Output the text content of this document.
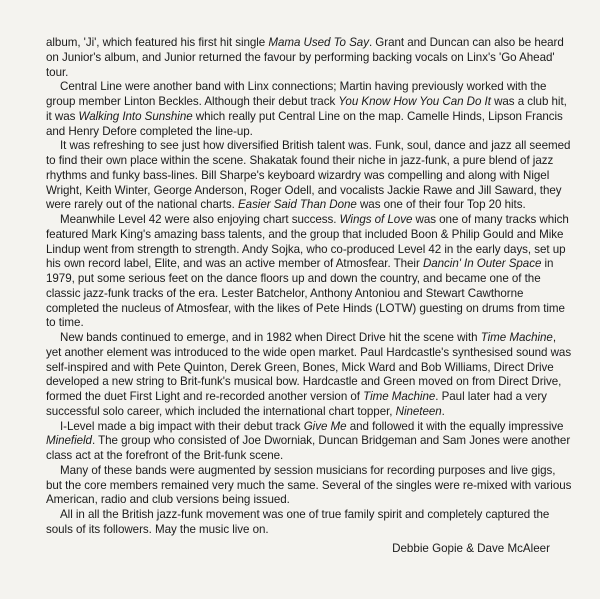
album, 'Ji', which featured his first hit single Mama Used To Say. Grant and Duncan can also be heard on Junior's album, and Junior returned the favour by performing backing vocals on Linx's 'Go Ahead' tour.

Central Line were another band with Linx connections; Martin having previously worked with the group member Linton Beckles. Although their debut track You Know How You Can Do It was a club hit, it was Walking Into Sunshine which really put Central Line on the map. Camelle Hinds, Lipson Francis and Henry Defore completed the line-up.

It was refreshing to see just how diversified British talent was. Funk, soul, dance and jazz all seemed to find their own place within the scene. Shakatak found their niche in jazz-funk, a pure blend of jazz rhythms and funky bass-lines. Bill Sharpe's keyboard wizardry was compelling and along with Nigel Wright, Keith Winter, George Anderson, Roger Odell, and vocalists Jackie Rawe and Jill Saward, they were rarely out of the national charts. Easier Said Than Done was one of their four Top 20 hits.

Meanwhile Level 42 were also enjoying chart success. Wings of Love was one of many tracks which featured Mark King's amazing bass talents, and the group that included Boon & Philip Gould and Mike Lindup went from strength to strength. Andy Sojka, who co-produced Level 42 in the early days, set up his own record label, Elite, and was an active member of Atmosfear. Their Dancin' In Outer Space in 1979, put some serious feet on the dance floors up and down the country, and became one of the classic jazz-funk tracks of the era. Lester Batchelor, Anthony Antoniou and Stewart Cawthorne completed the nucleus of Atmosfear, with the likes of Pete Hinds (LOTW) guesting on drums from time to time.

New bands continued to emerge, and in 1982 when Direct Drive hit the scene with Time Machine, yet another element was introduced to the wide open market. Paul Hardcastle's synthesised sound was self-inspired and with Pete Quinton, Derek Green, Bones, Mick Ward and Bob Williams, Direct Drive developed a new string to Brit-funk's musical bow. Hardcastle and Green moved on from Direct Drive, formed the duet First Light and re-recorded another version of Time Machine. Paul later had a very successful solo career, which included the international chart topper, Nineteen.

I-Level made a big impact with their debut track Give Me and followed it with the equally impressive Minefield. The group who consisted of Joe Dworniak, Duncan Bridgeman and Sam Jones were another class act at the forefront of the Brit-funk scene.

Many of these bands were augmented by session musicians for recording purposes and live gigs, but the core members remained very much the same. Several of the singles were re-mixed with various American, radio and club versions being issued.

All in all the British jazz-funk movement was one of true family spirit and completely captured the souls of its followers. May the music live on.

Debbie Gopie & Dave McAleer
